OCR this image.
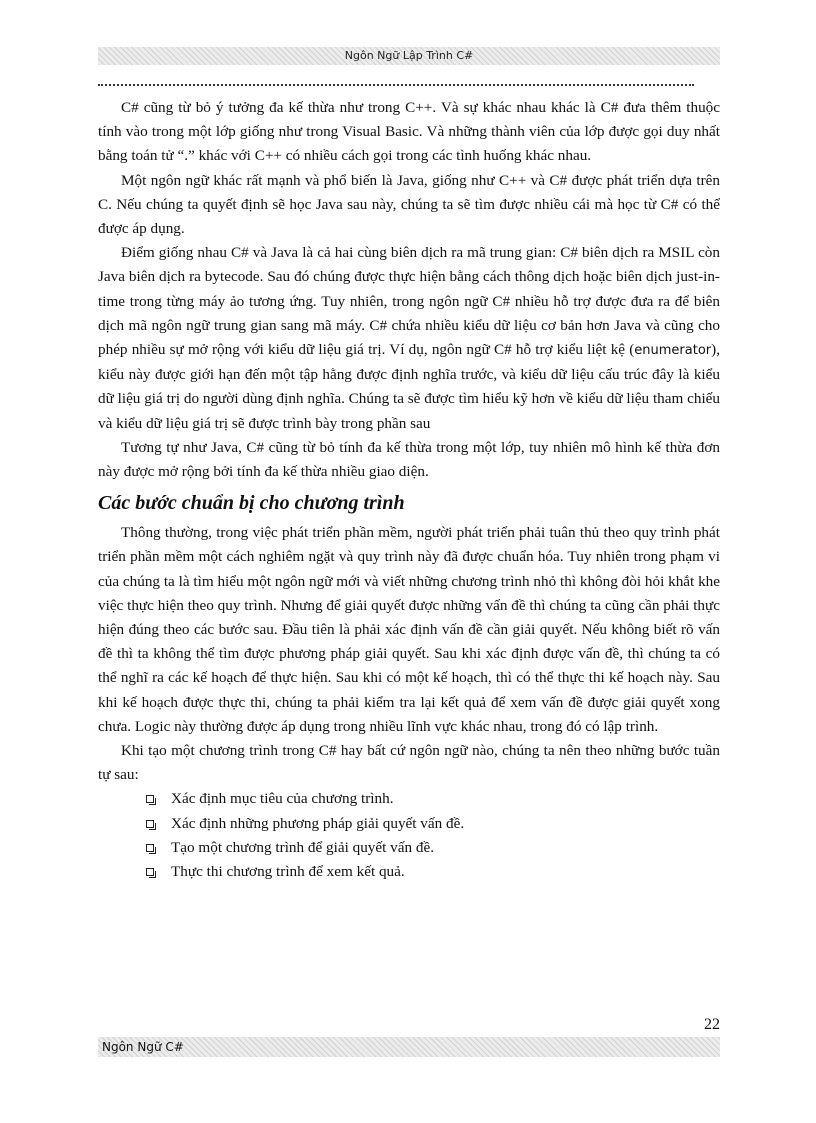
Ngôn Ngữ Lập Trình C#

C# cũng từ bỏ ý tưởng đa kế thừa như trong C++. Và sự khác nhau khác là C# đưa thêm thuộc tính vào trong một lớp giống như trong Visual Basic. Và những thành viên của lớp được gọi duy nhất bằng toán tử “.” khác với C++ có nhiều cách gọi trong các tình huống khác nhau.

Một ngôn ngữ khác rất mạnh và phổ biến là Java, giống như C++ và C# được phát triển dựa trên C. Nếu chúng ta quyết định sẽ học Java sau này, chúng ta sẽ tìm được nhiều cái mà học từ C# có thể được áp dụng.

Điểm giống nhau C# và Java là cả hai cùng biên dịch ra mã trung gian: C# biên dịch ra MSIL còn Java biên dịch ra bytecode. Sau đó chúng được thực hiện bằng cách thông dịch hoặc biên dịch just-in-time trong từng máy ảo tương ứng. Tuy nhiên, trong ngôn ngữ C# nhiều hỗ trợ được đưa ra để biên dịch mã ngôn ngữ trung gian sang mã máy. C# chứa nhiều kiểu dữ liệu cơ bản hơn Java và cũng cho phép nhiều sự mở rộng với kiểu dữ liệu giá trị. Ví dụ, ngôn ngữ C# hỗ trợ kiểu liệt kệ (enumerator), kiểu này được giới hạn đến một tập hằng được định nghĩa trước, và kiểu dữ liệu cấu trúc đây là kiểu dữ liệu giá trị do người dùng định nghĩa. Chúng ta sẽ được tìm hiểu kỹ hơn về kiểu dữ liệu tham chiếu và kiểu dữ liệu giá trị sẽ được trình bày trong phần sau

Tương tự như Java, C# cũng từ bỏ tính đa kế thừa trong một lớp, tuy nhiên mô hình kế thừa đơn này được mở rộng bởi tính đa kế thừa nhiều giao diện.

Các bước chuẩn bị cho chương trình

Thông thường, trong việc phát triển phần mềm, người phát triển phải tuân thủ theo quy trình phát triển phần mềm một cách nghiêm ngặt và quy trình này đã được chuẩn hóa. Tuy nhiên trong phạm vi của chúng ta là tìm hiểu một ngôn ngữ mới và viết những chương trình nhỏ thì không đòi hỏi khắt khe việc thực hiện theo quy trình. Nhưng để giải quyết được những vấn đề thì chúng ta cũng cần phải thực hiện đúng theo các bước sau. Đầu tiên là phải xác định vấn đề cần giải quyết. Nếu không biết rõ vấn đề thì ta không thể tìm được phương pháp giải quyết. Sau khi xác định được vấn đề, thì chúng ta có thể nghĩ ra các kế hoạch để thực hiện. Sau khi có một kế hoạch, thì có thể thực thi kế hoạch này. Sau khi kế hoạch được thực thi, chúng ta phải kiểm tra lại kết quả để xem vấn đề được giải quyết xong chưa. Logic này thường được áp dụng trong nhiều lĩnh vực khác nhau, trong đó có lập trình.

Khi tạo một chương trình trong C# hay bất cứ ngôn ngữ nào, chúng ta nên theo những bước tuần tự sau:

Xác định mục tiêu của chương trình.
Xác định những phương pháp giải quyết vấn đề.
Tạo một chương trình để giải quyết vấn đề.
Thực thi chương trình để xem kết quả.
22
Ngôn Ngữ C#
